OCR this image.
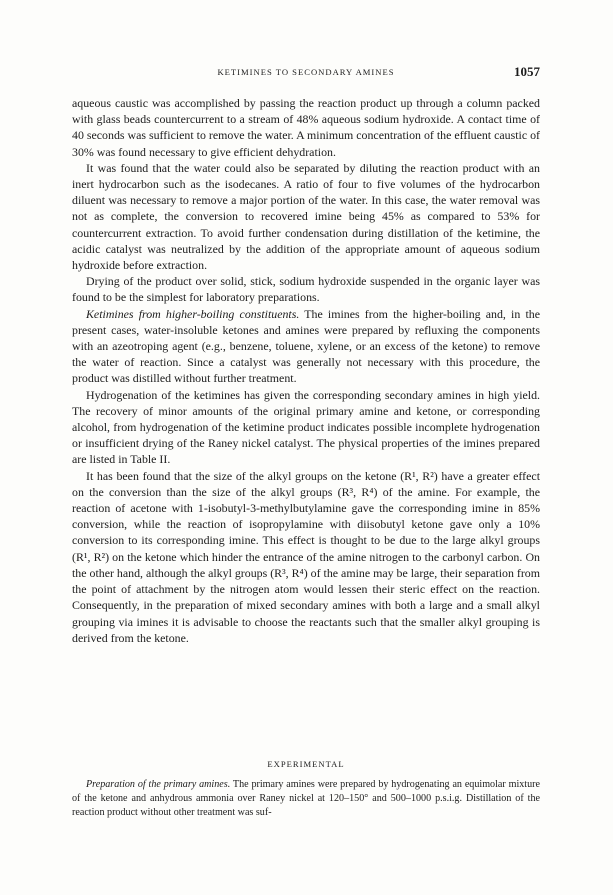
KETIMINES TO SECONDARY AMINES	1057

aqueous caustic was accomplished by passing the reaction product up through a column packed with glass beads countercurrent to a stream of 48% aqueous sodium hydroxide. A contact time of 40 seconds was sufficient to remove the water. A minimum concentration of the effluent caustic of 30% was found necessary to give efficient dehydration.

It was found that the water could also be separated by diluting the reaction product with an inert hydrocarbon such as the isodecanes. A ratio of four to five volumes of the hydrocarbon diluent was necessary to remove a major portion of the water. In this case, the water removal was not as complete, the conversion to recovered imine being 45% as compared to 53% for countercurrent extraction. To avoid further condensation during distillation of the ketimine, the acidic catalyst was neutralized by the addition of the appropriate amount of aqueous sodium hydroxide before extraction.

Drying of the product over solid, stick, sodium hydroxide suspended in the organic layer was found to be the simplest for laboratory preparations.

Ketimines from higher-boiling constituents. The imines from the higher-boiling and, in the present cases, water-insoluble ketones and amines were prepared by refluxing the components with an azeotroping agent (e.g., benzene, toluene, xylene, or an excess of the ketone) to remove the water of reaction. Since a catalyst was generally not necessary with this procedure, the product was distilled without further treatment.

Hydrogenation of the ketimines has given the corresponding secondary amines in high yield. The recovery of minor amounts of the original primary amine and ketone, or corresponding alcohol, from hydrogenation of the ketimine product indicates possible incomplete hydrogenation or insufficient drying of the Raney nickel catalyst. The physical properties of the imines prepared are listed in Table II.

It has been found that the size of the alkyl groups on the ketone (R¹, R²) have a greater effect on the conversion than the size of the alkyl groups (R³, R⁴) of the amine. For example, the reaction of acetone with 1-isobutyl-3-methylbutylamine gave the corresponding imine in 85% conversion, while the reaction of isopropylamine with diisobutyl ketone gave only a 10% conversion to its corresponding imine. This effect is thought to be due to the large alkyl groups (R¹, R²) on the ketone which hinder the entrance of the amine nitrogen to the carbonyl carbon. On the other hand, although the alkyl groups (R³, R⁴) of the amine may be large, their separation from the point of attachment by the nitrogen atom would lessen their steric effect on the reaction. Consequently, in the preparation of mixed secondary amines with both a large and a small alkyl grouping via imines it is advisable to choose the reactants such that the smaller alkyl grouping is derived from the ketone.

EXPERIMENTAL

Preparation of the primary amines. The primary amines were prepared by hydrogenating an equimolar mixture of the ketone and anhydrous ammonia over Raney nickel at 120–150° and 500–1000 p.s.i.g. Distillation of the reaction product without other treatment was suf-
